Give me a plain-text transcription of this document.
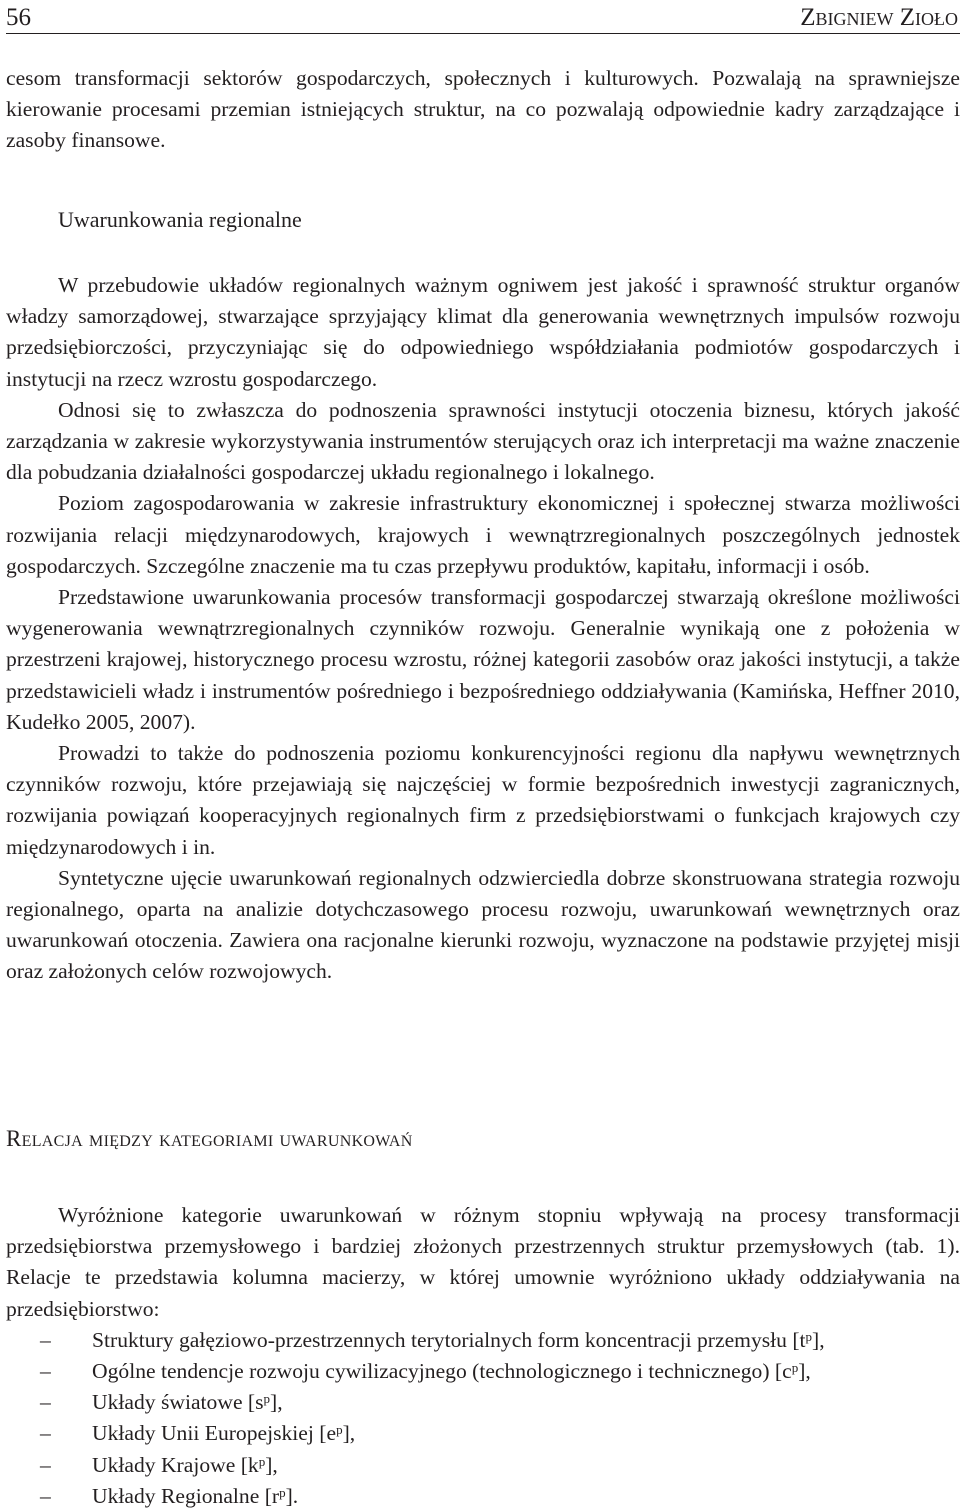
56	Zbigniew Zioło

cesom transformacji sektorów gospodarczych, społecznych i kulturowych. Pozwalają na sprawniejsze kierowanie procesami przemian istniejących struktur, na co pozwalają odpowiednie kadry zarządzające i zasoby finansowe.

Uwarunkowania regionalne

W przebudowie układów regionalnych ważnym ogniwem jest jakość i sprawność struktur organów władzy samorządowej, stwarzające sprzyjający klimat dla generowania wewnętrznych impulsów rozwoju przedsiębiorczości, przyczyniając się do odpowiedniego współdziałania podmiotów gospodarczych i instytucji na rzecz wzrostu gospodarczego.

Odnosi się to zwłaszcza do podnoszenia sprawności instytucji otoczenia biznesu, których jakość zarządzania w zakresie wykorzystywania instrumentów sterujących oraz ich interpretacji ma ważne znaczenie dla pobudzania działalności gospodarczej układu regionalnego i lokalnego.

Poziom zagospodarowania w zakresie infrastruktury ekonomicznej i społecznej stwarza możliwości rozwijania relacji międzynarodowych, krajowych i wewnątrzregionalnych poszczególnych jednostek gospodarczych. Szczególne znaczenie ma tu czas przepływu produktów, kapitału, informacji i osób.

Przedstawione uwarunkowania procesów transformacji gospodarczej stwarzają określone możliwości wygenerowania wewnątrzregionalnych czynników rozwoju. Generalnie wynikają one z położenia w przestrzeni krajowej, historycznego procesu wzrostu, różnej kategorii zasobów oraz jakości instytucji, a także przedstawicieli władz i instrumentów pośredniego i bezpośredniego oddziaływania (Kamińska, Heffner 2010, Kudełko 2005, 2007).

Prowadzi to także do podnoszenia poziomu konkurencyjności regionu dla napływu wewnętrznych czynników rozwoju, które przejawiają się najczęściej w formie bezpośrednich inwestycji zagranicznych, rozwijania powiązań kooperacyjnych regionalnych firm z przedsiębiorstwami o funkcjach krajowych czy międzynarodowych i in.

Syntetyczne ujęcie uwarunkowań regionalnych odzwierciedla dobrze skonstruowana strategia rozwoju regionalnego, oparta na analizie dotychczasowego procesu rozwoju, uwarunkowań wewnętrznych oraz uwarunkowań otoczenia. Zawiera ona racjonalne kierunki rozwoju, wyznaczone na podstawie przyjętej misji oraz założonych celów rozwojowych.

Relacja między kategoriami uwarunkowań

Wyróżnione kategorie uwarunkowań w różnym stopniu wpływają na procesy transformacji przedsiębiorstwa przemysłowego i bardziej złożonych przestrzennych struktur przemysłowych (tab. 1). Relacje te przedstawia kolumna macierzy, w której umownie wyróżniono układy oddziaływania na przedsiębiorstwo:

– Struktury gałęziowo-przestrzennych terytorialnych form koncentracji przemysłu $[t^p]$,
– Ogólne tendencje rozwoju cywilizacyjnego (technologicznego i technicznego) $[c^p]$,
– Układy światowe $[s^p]$,
– Układy Unii Europejskiej $[e^p]$,
– Układy Krajowe $[k^p]$,
– Układy Regionalne $[r^p]$.
